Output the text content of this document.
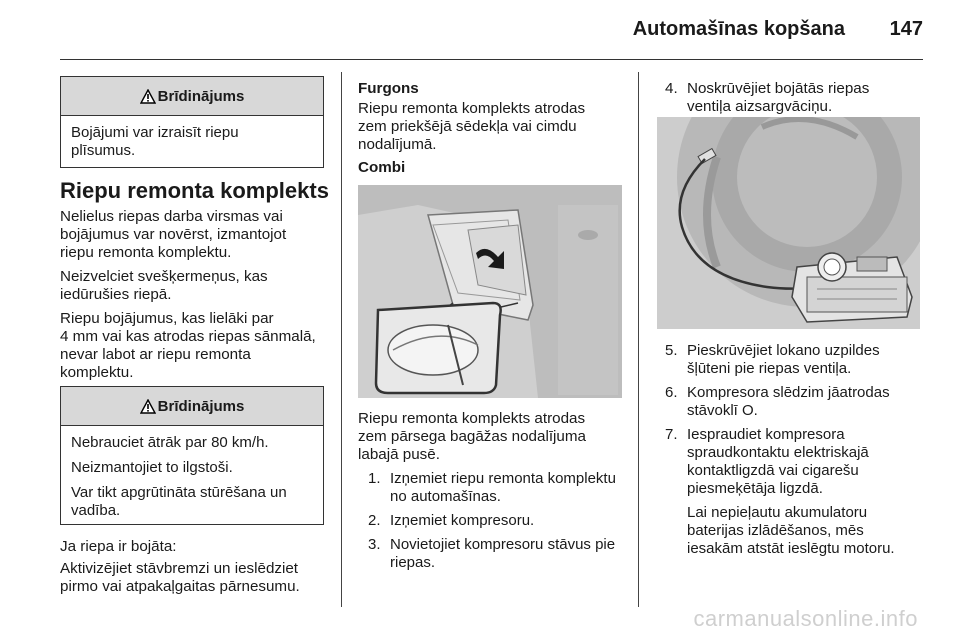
Automašīnas kopšana 147
Brīdinājums
Bojājumi var izraisīt riepu
plīsumus.
Riepu remonta komplekts

Nelielus riepas darba virsmas vai
bojājumus var novērst, izmantojot
riepu remonta komplektu.

Neizvelciet svešķermeņus, kas
iedūrušies riepā.

Riepu bojājumus, kas lielāki par
4 mm vai kas atrodas riepas sānmalā,
nevar labot ar riepu remonta
komplektu.

Brīdinājums

Nebrauciet ātrāk par 80 km/h.

Neizmantojiet to ilgstoši.

Var tikt apgrūtināta stūrēšana un
vadība.

Ja riepa ir bojāta:

Aktivizējiet stāvbremzi un ieslēdziet
pirmo vai atpakaļgaitas pārnesumu.

Furgons

Riepu remonta komplekts atrodas
zem priekšējā sēdekļa vai cimdu
nodalījumā.

Combi

Riepu remonta komplekts atrodas
zem pārsega bagāžas nodalījuma
labajā pusē.

1. Izņemiet riepu remonta komplektu
no automašīnas.
2. Izņemiet kompresoru.
3. Novietojiet kompresoru stāvus pie
riepas.
4. Noskrūvējiet bojātās riepas
ventiļa aizsargvāciņu.
5. Pieskrūvējiet lokano uzpildes
šļūteni pie riepas ventiļa.
6. Kompresora slēdzim jāatrodas
stāvoklī O.
7. Iespraudiet kompresora
spraudkontaktu elektriskajā
kontaktligzdā vai cigarešu
piesmeķētāja ligzdā.
Lai nepieļautu akumulatoru
baterijas izlādēšanos, mēs
iesakām atstāt ieslēgtu motoru.
carmanualsonline.info
